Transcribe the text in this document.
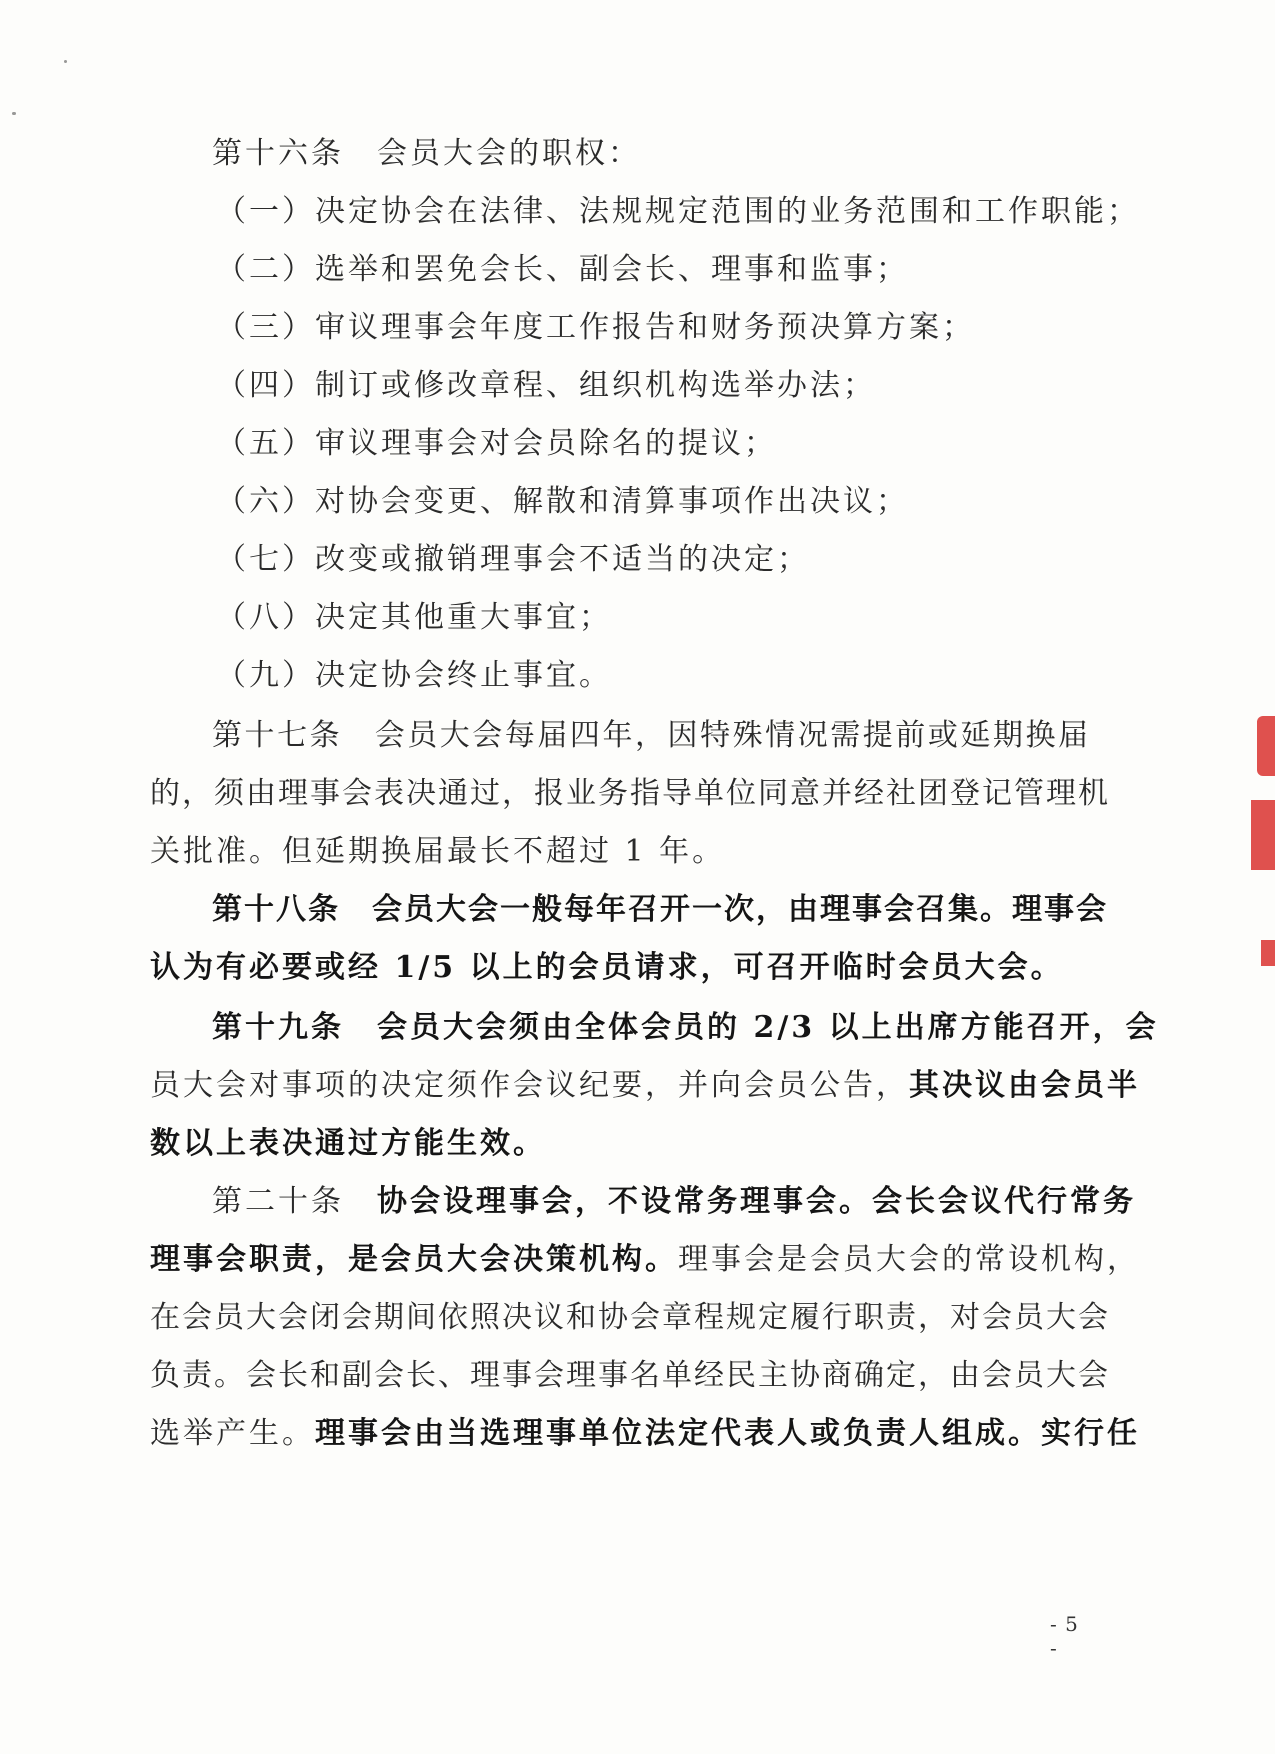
第十六条　会员大会的职权：
（一）决定协会在法律、法规规定范围的业务范围和工作职能；
（二）选举和罢免会长、副会长、理事和监事；
（三）审议理事会年度工作报告和财务预决算方案；
（四）制订或修改章程、组织机构选举办法；
（五）审议理事会对会员除名的提议；
（六）对协会变更、解散和清算事项作出决议；
（七）改变或撤销理事会不适当的决定；
（八）决定其他重大事宜；
（九）决定协会终止事宜。
第十七条　会员大会每届四年，因特殊情况需提前或延期换届
的，须由理事会表决通过，报业务指导单位同意并经社团登记管理机
关批准。但延期换届最长不超过 1 年。
第十八条　会员大会一般每年召开一次，由理事会召集。理事会
认为有必要或经 1/5 以上的会员请求，可召开临时会员大会。
第十九条　会员大会须由全体会员的 2/3 以上出席方能召开，会
员大会对事项的决定须作会议纪要，并向会员公告，其决议由会员半
数以上表决通过方能生效。
第二十条　协会设理事会，不设常务理事会。会长会议代行常务
理事会职责，是会员大会决策机构。理事会是会员大会的常设机构，
在会员大会闭会期间依照决议和协会章程规定履行职责，对会员大会
负责。会长和副会长、理事会理事名单经民主协商确定，由会员大会
选举产生。理事会由当选理事单位法定代表人或负责人组成。实行任
- 5 -
